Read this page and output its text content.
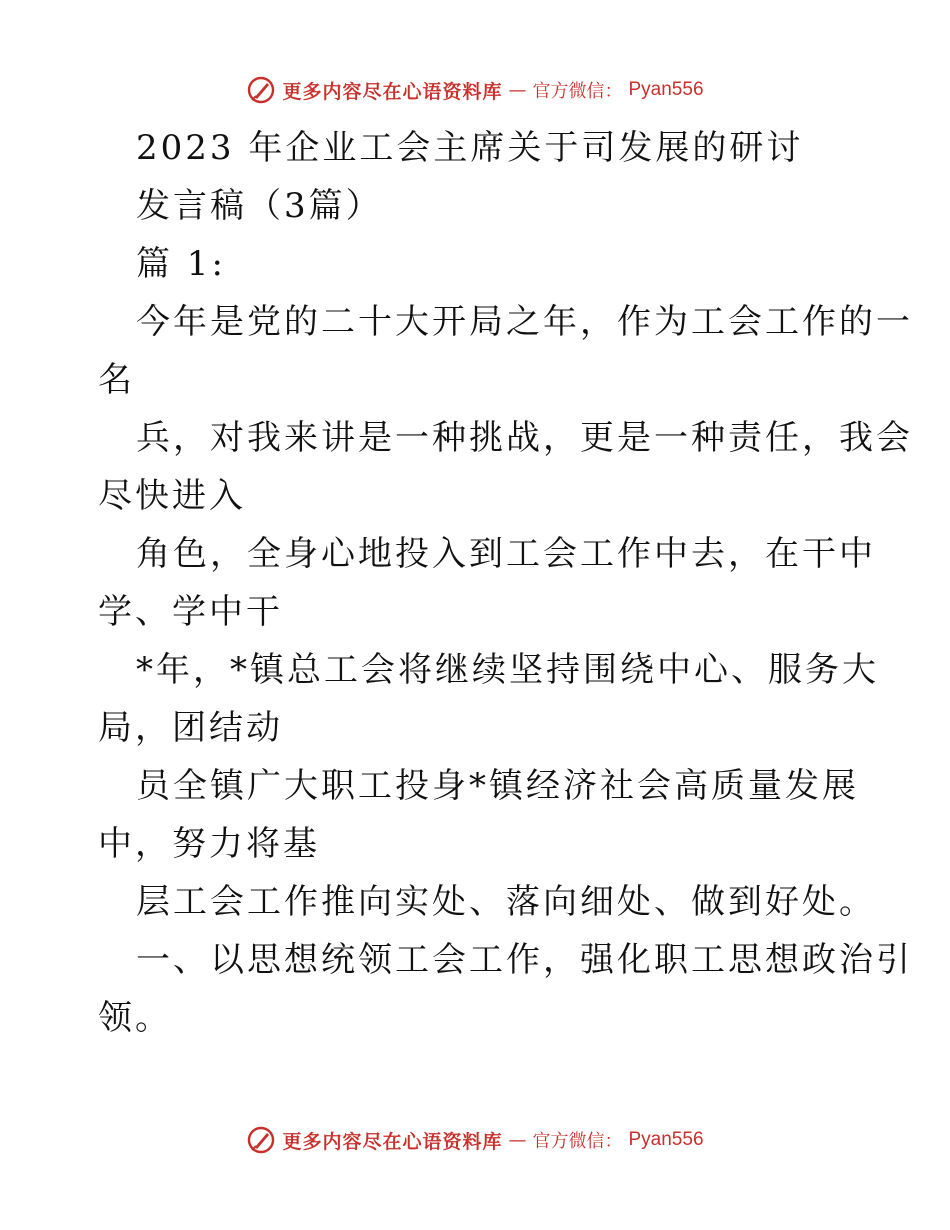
更多内容尽在心语资料库 — 官方微信： Pyan556
2023 年企业工会主席关于司发展的研讨
发言稿（3篇）
篇 1:
今年是党的二十大开局之年，作为工会工作的一
名
兵，对我来讲是一种挑战，更是一种责任，我会
尽快进入
角色，全身心地投入到工会工作中去，在干中
学、学中干
*年，*镇总工会将继续坚持围绕中心、服务大
局，团结动
员全镇广大职工投身*镇经济社会高质量发展
中，努力将基
层工会工作推向实处、落向细处、做到好处。
一、以思想统领工会工作，强化职工思想政治引
领。
更多内容尽在心语资料库 — 官方微信： Pyan556
